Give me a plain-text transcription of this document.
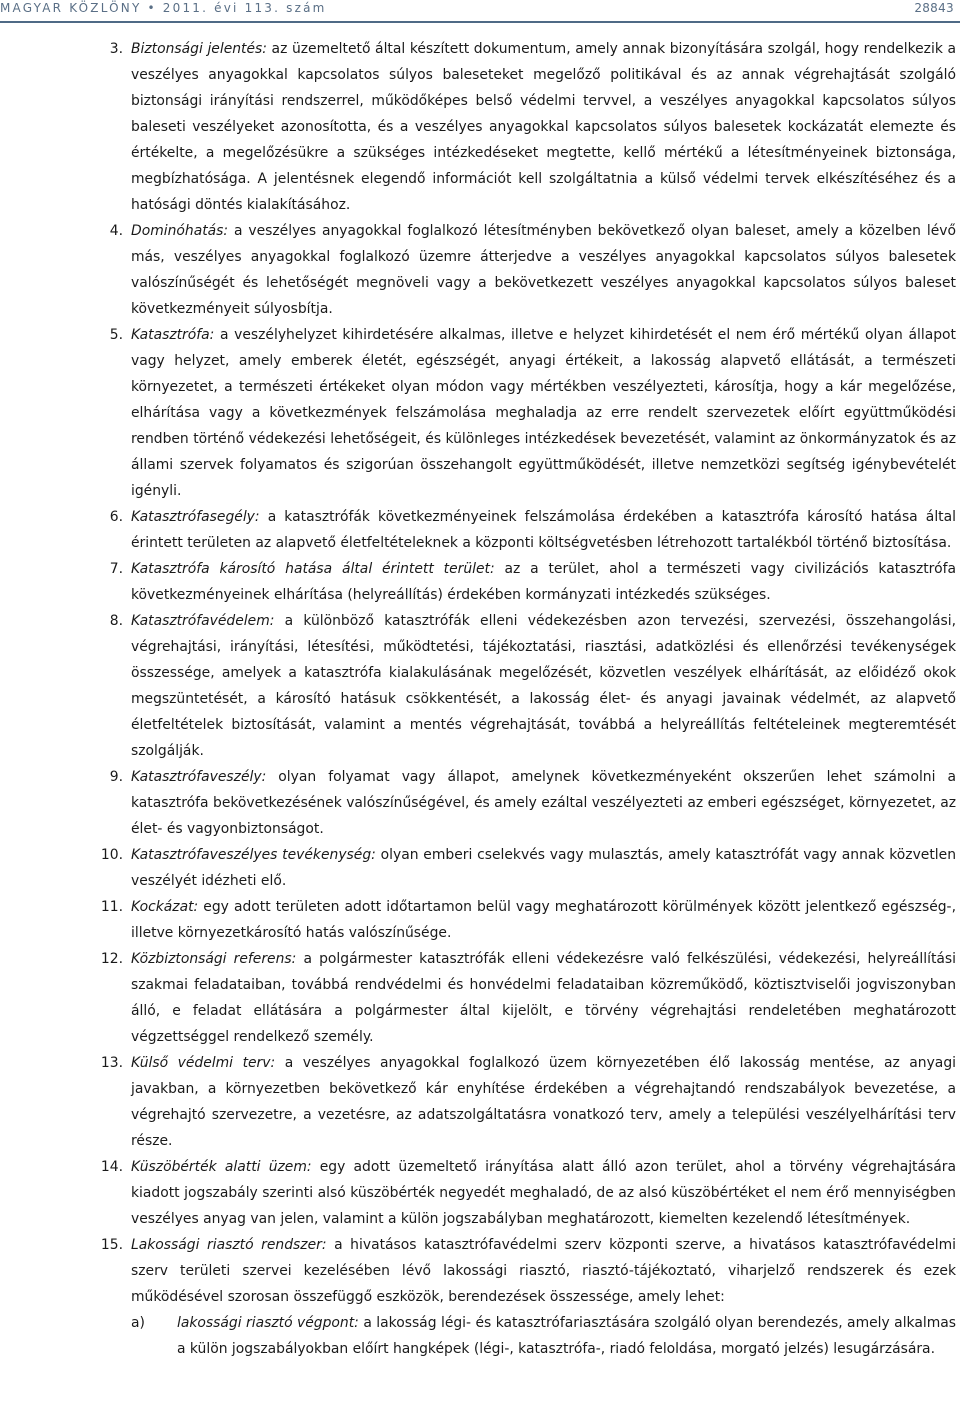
MAGYAR KÖZLÖNY • 2011. évi 113. szám	28843
3. Biztonsági jelentés: az üzemeltető által készített dokumentum, amely annak bizonyítására szolgál, hogy rendelkezik a veszélyes anyagokkal kapcsolatos súlyos baleseteket megelőző politikával és az annak végrehajtását szolgáló biztonsági irányítási rendszerrel, működőképes belső védelmi tervvel, a veszélyes anyagokkal kapcsolatos súlyos baleseti veszélyeket azonosította, és a veszélyes anyagokkal kapcsolatos súlyos balesetek kockázatát elemezte és értékelte, a megelőzésükre a szükséges intézkedéseket megtette, kellő mértékű a létesítményeinek biztonsága, megbízhatósága. A jelentésnek elegendő információt kell szolgáltatnia a külső védelmi tervek elkészítéséhez és a hatósági döntés kialakításához.

4. Dominóhatás: a veszélyes anyagokkal foglalkozó létesítményben bekövetkező olyan baleset, amely a közelben lévő más, veszélyes anyagokkal foglalkozó üzemre átterjedve a veszélyes anyagokkal kapcsolatos súlyos balesetek valószínűségét és lehetőségét megnöveli vagy a bekövetkezett veszélyes anyagokkal kapcsolatos súlyos baleset következményeit súlyosbítja.

5. Katasztrófa: a veszélyhelyzet kihirdetésére alkalmas, illetve e helyzet kihirdetését el nem érő mértékű olyan állapot vagy helyzet, amely emberek életét, egészségét, anyagi értékeit, a lakosság alapvető ellátását, a természeti környezetet, a természeti értékeket olyan módon vagy mértékben veszélyezteti, károsítja, hogy a kár megelőzése, elhárítása vagy a következmények felszámolása meghaladja az erre rendelt szervezetek előírt együttműködési rendben történő védekezési lehetőségeit, és különleges intézkedések bevezetését, valamint az önkormányzatok és az állami szervek folyamatos és szigorúan összehangolt együttműködését, illetve nemzetközi segítség igénybevételét igényli.

6. Katasztrófasegély: a katasztrófák következményeinek felszámolása érdekében a katasztrófa károsító hatása által érintett területen az alapvető életfeltételeknek a központi költségvetésben létrehozott tartalékból történő biztosítása.

7. Katasztrófa károsító hatása által érintett terület: az a terület, ahol a természeti vagy civilizációs katasztrófa következményeinek elhárítása (helyreállítás) érdekében kormányzati intézkedés szükséges.

8. Katasztrófavédelem: a különböző katasztrófák elleni védekezésben azon tervezési, szervezési, összehangolási, végrehajtási, irányítási, létesítési, működtetési, tájékoztatási, riasztási, adatközlési és ellenőrzési tevékenységek összessége, amelyek a katasztrófa kialakulásának megelőzését, közvetlen veszélyek elhárítását, az előidéző okok megszüntetését, a károsító hatásuk csökkentését, a lakosság élet- és anyagi javainak védelmét, az alapvető életfeltételek biztosítását, valamint a mentés végrehajtását, továbbá a helyreállítás feltételeinek megteremtését szolgálják.

9. Katasztrófaveszély: olyan folyamat vagy állapot, amelynek következményeként okszerűen lehet számolni a katasztrófa bekövetkezésének valószínűségével, és amely ezáltal veszélyezteti az emberi egészséget, környezetet, az élet- és vagyonbiztonságot.

10. Katasztrófaveszélyes tevékenység: olyan emberi cselekvés vagy mulasztás, amely katasztrófát vagy annak közvetlen veszélyét idézheti elő.

11. Kockázat: egy adott területen adott időtartamon belül vagy meghatározott körülmények között jelentkező egészség-, illetve környezetkárosító hatás valószínűsége.

12. Közbiztonsági referens: a polgármester katasztrófák elleni védekezésre való felkészülési, védekezési, helyreállítási szakmai feladataiban, továbbá rendvédelmi és honvédelmi feladataiban közreműködő, köztisztviselői jogviszonyban álló, e feladat ellátására a polgármester által kijelölt, e törvény végrehajtási rendeletében meghatározott végzettséggel rendelkező személy.

13. Külső védelmi terv: a veszélyes anyagokkal foglalkozó üzem környezetében élő lakosság mentése, az anyagi javakban, a környezetben bekövetkező kár enyhítése érdekében a végrehajtandó rendszabályok bevezetése, a végrehajtó szervezetre, a vezetésre, az adatszolgáltatásra vonatkozó terv, amely a települési veszélyelhárítási terv része.

14. Küszöbérték alatti üzem: egy adott üzemeltető irányítása alatt álló azon terület, ahol a törvény végrehajtására kiadott jogszabály szerinti alsó küszöbérték negyedét meghaladó, de az alsó küszöbértéket el nem érő mennyiségben veszélyes anyag van jelen, valamint a külön jogszabályban meghatározott, kiemelten kezelendő létesítmények.

15. Lakossági riasztó rendszer: a hivatásos katasztrófavédelmi szerv központi szerve, a hivatásos katasztrófavédelmi szerv területi szervei kezelésében lévő lakossági riasztó, riasztó-tájékoztató, viharjelző rendszerek és ezek működésével szorosan összefüggő eszközök, berendezések összessége, amely lehet:

a) lakossági riasztó végpont: a lakosság légi- és katasztrófariasztására szolgáló olyan berendezés, amely alkalmas a külön jogszabályokban előírt hangképek (légi-, katasztrófa-, riadó feloldása, morgató jelzés) lesugárzására.
